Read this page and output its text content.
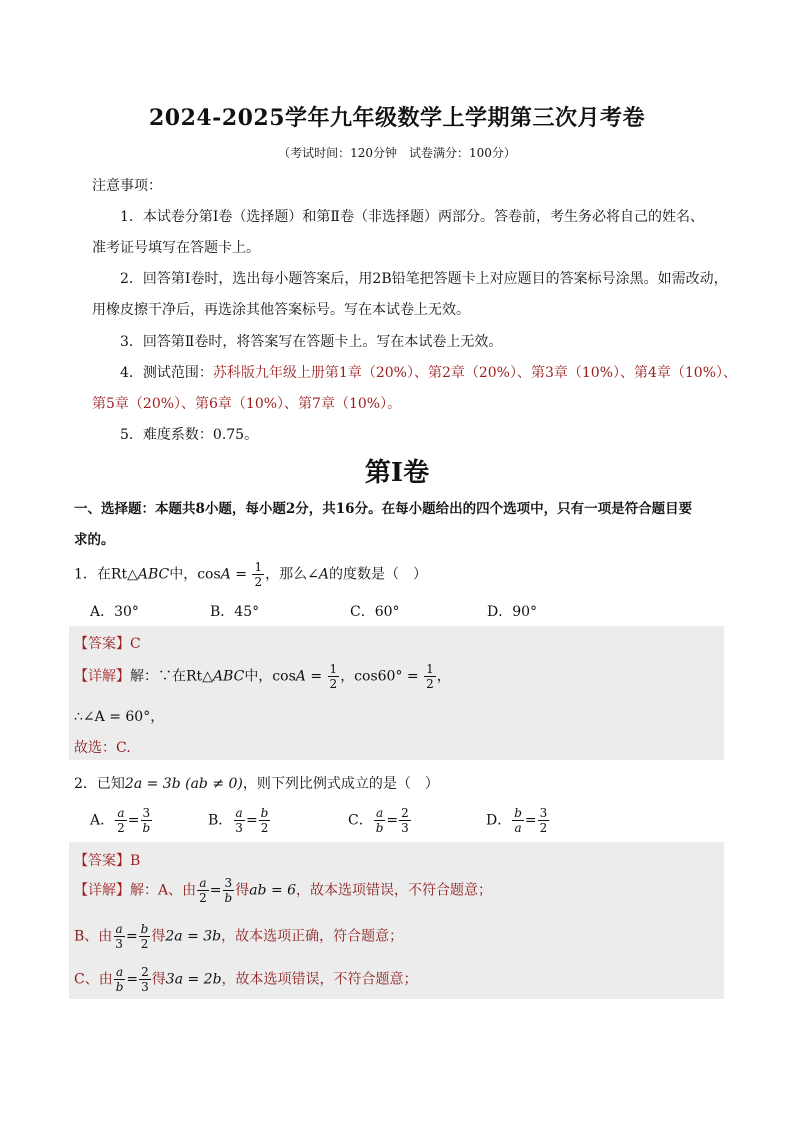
2024-2025学年九年级数学上学期第三次月考卷
（考试时间：120分钟　试卷满分：100分）
注意事项：
1．本试卷分第Ⅰ卷（选择题）和第Ⅱ卷（非选择题）两部分。答卷前，考生务必将自己的姓名、
准考证号填写在答题卡上。
2．回答第Ⅰ卷时，选出每小题答案后，用2B铅笔把答题卡上对应题目的答案标号涂黑。如需改动，
用橡皮擦干净后，再选涂其他答案标号。写在本试卷上无效。
3．回答第Ⅱ卷时，将答案写在答题卡上。写在本试卷上无效。
4．测试范围：苏科版九年级上册第1章（20%）、第2章（20%）、第3章（10%）、第4章（10%）、
第5章（20%）、第6章（10%）、第7章（10%）。
5．难度系数：0.75。
第Ⅰ卷
一、选择题：本题共8小题，每小题2分，共16分。在每小题给出的四个选项中，只有一项是符合题目要
求的。
1．在Rt△ABC中，$\cos A = \frac{1}{2}$ ，那么∠A的度数是（　）
A．30°	B．45°	C．60°	D．90°
【答案】C
【详解】解：∵在Rt△ABC中，$\cos A = \frac{1}{2}$ ，$\cos 60^\circ = \frac{1}{2}$ ，
∴∠A = 60°，
故选：C.
2．已知2a = 3b (ab ≠ 0)，则下列比例式成立的是（　）
A． $\frac{a}{2} = \frac{3}{b}$	B． $\frac{a}{3} = \frac{b}{2}$	C． $\frac{a}{b} = \frac{2}{3}$	D． $\frac{b}{a} = \frac{3}{2}$
【答案】B
【详解】解：A、由 $\frac{a}{2} = \frac{3}{b}$ 得ab = 6，故本选项错误，不符合题意；
B、由 $\frac{a}{3} = \frac{b}{2}$ 得2a = 3b，故本选项正确，符合题意；
C、由 $\frac{a}{b} = \frac{2}{3}$ 得3a = 2b，故本选项错误，不符合题意；
